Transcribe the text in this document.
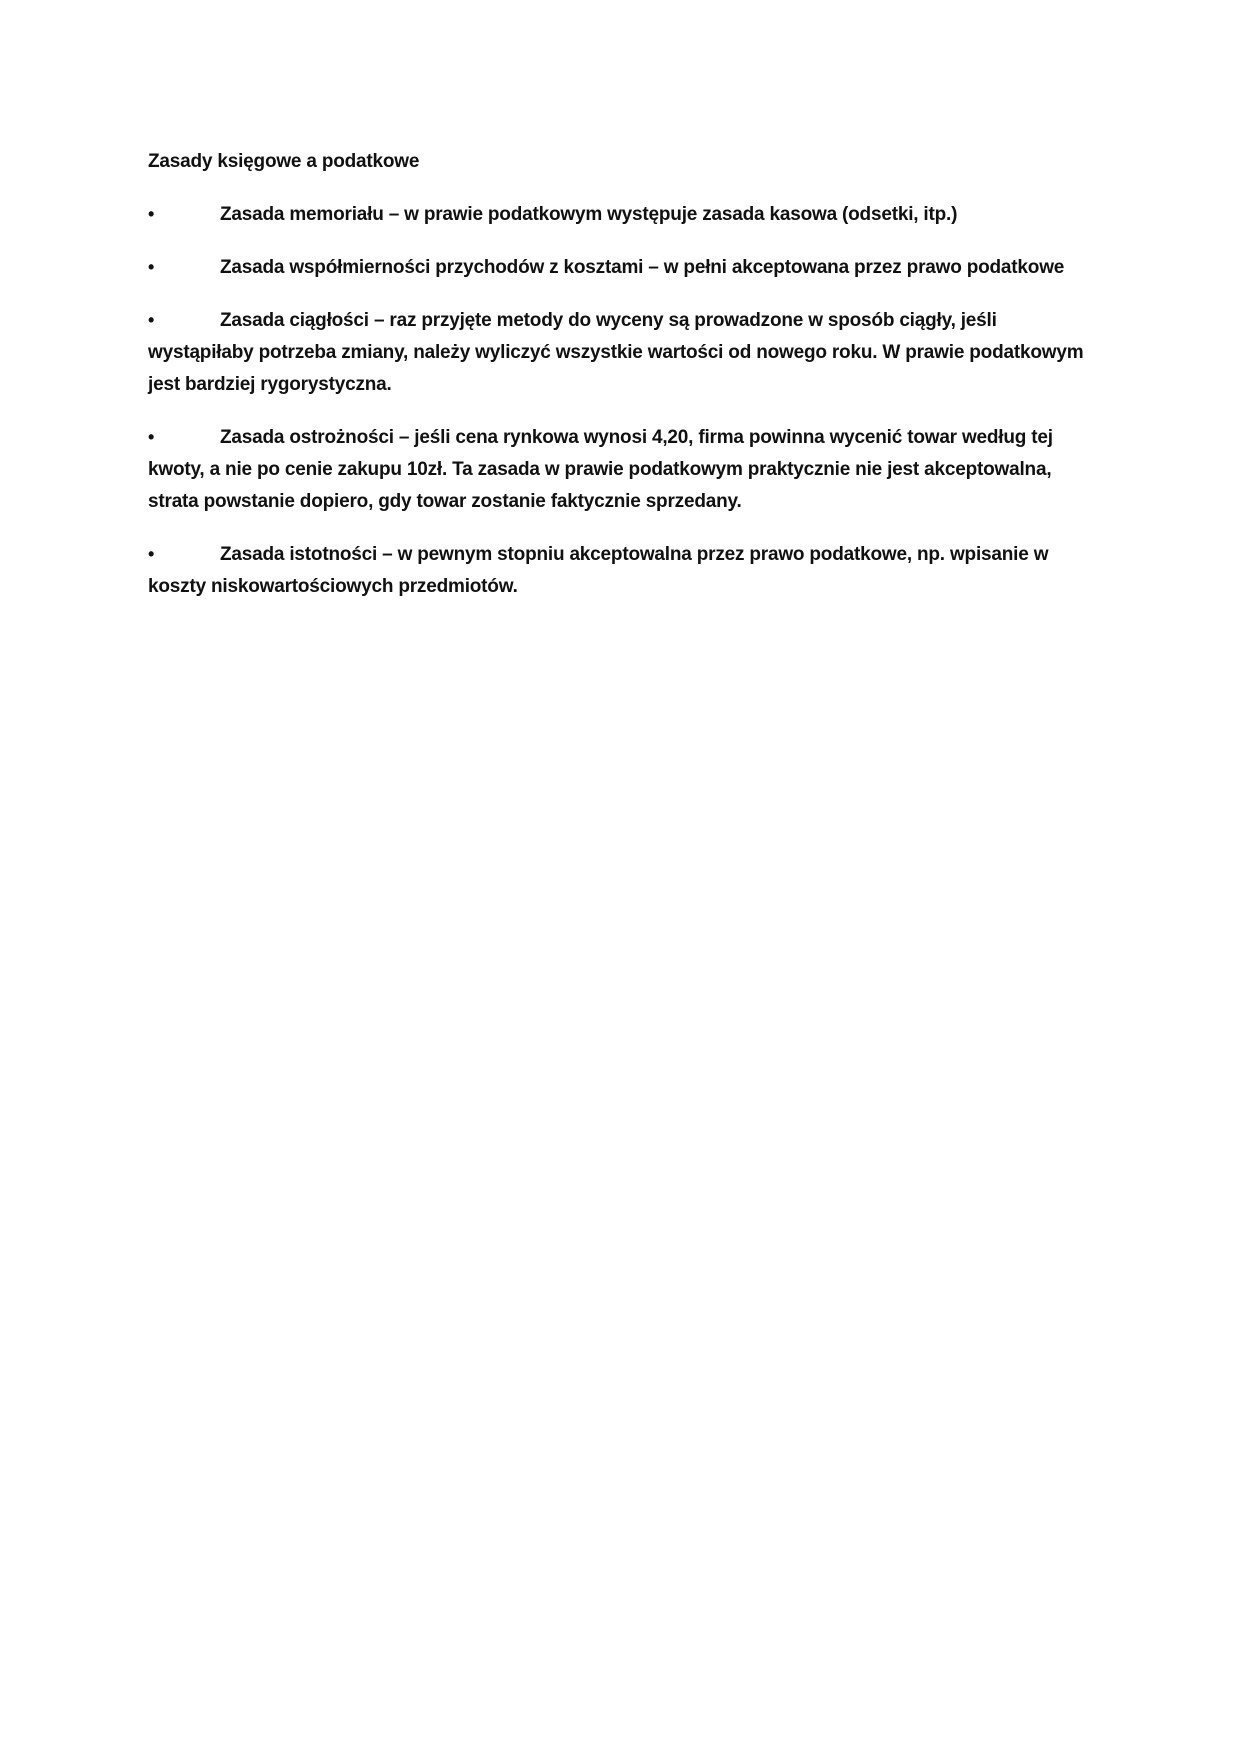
Zasady księgowe a podatkowe
•	Zasada memoriału – w prawie podatkowym występuje zasada kasowa (odsetki, itp.)
•	Zasada współmierności przychodów z kosztami – w pełni akceptowana przez prawo podatkowe
•	Zasada ciągłości – raz przyjęte metody do wyceny są prowadzone w sposób ciągły, jeśli wystąpiłaby potrzeba zmiany, należy wyliczyć wszystkie wartości od nowego roku. W prawie podatkowym jest bardziej rygorystyczna.
•	Zasada ostrożności – jeśli cena rynkowa wynosi 4,20, firma powinna wycenić towar według tej kwoty, a nie po cenie zakupu 10zł. Ta zasada w prawie podatkowym praktycznie nie jest akceptowalna, strata powstanie dopiero, gdy towar zostanie faktycznie sprzedany.
•	Zasada istotności – w pewnym stopniu akceptowalna przez prawo podatkowe, np. wpisanie w koszty niskowartościowych przedmiotów.
